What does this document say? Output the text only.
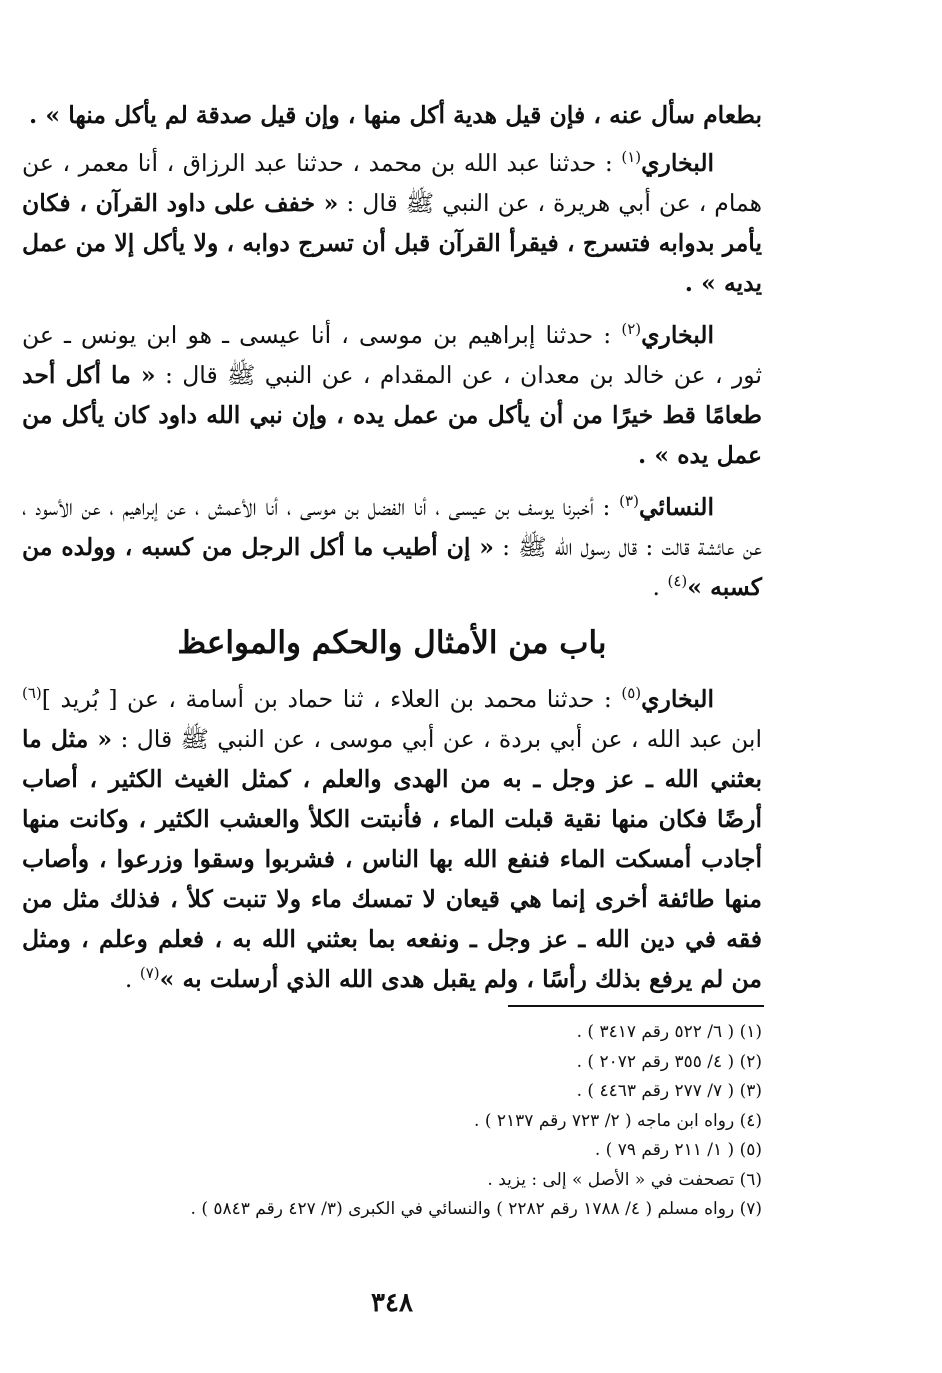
بطعام سأل عنه ، فإن قيل هدية أكل منها ، وإن قيل صدقة لم يأكل منها » .

البخاري$^{(١)}$ : حدثنا عبد الله بن محمد ، حدثنا عبد الرزاق ، أنا معمر ، عن همام ، عن أبي هريرة ، عن النبي ﷺ قال : « خفف على داود القرآن ، فكان يأمر بدوابه فتسرج ، فيقرأ القرآن قبل أن تسرج دوابه ، ولا يأكل إلا من عمل يديه » .

البخاري$^{(٢)}$ : حدثنا إبراهيم بن موسى ، أنا عيسى ـ هو ابن يونس ـ عن ثور ، عن خالد بن معدان ، عن المقدام ، عن النبي ﷺ قال : « ما أكل أحد طعامًا قط خيرًا من أن يأكل من عمل يده ، وإن نبي الله داود كان يأكل من عمل يده » .

النسائي$^{(٣)}$ : أخبرنا يوسف بن عيسى ، أنا الفضل بن موسى ، أنا الأعمش ، عن إبراهيم ، عن الأسود ، عن عائشة قالت : قال رسول الله ﷺ : « إن أطيب ما أكل الرجل من كسبه ، وولده من كسبه »$^{(٤)}$ .

باب من الأمثال والحكم والمواعظ

البخاري$^{(٥)}$ : حدثنا محمد بن العلاء ، ثنا حماد بن أسامة ، عن [ بُريد ]$^{(٦)}$ ابن عبد الله ، عن أبي بردة ، عن أبي موسى ، عن النبي ﷺ قال : « مثل ما بعثني الله ـ عز وجل ـ به من الهدى والعلم ، كمثل الغيث الكثير ، أصاب أرضًا فكان منها نقية قبلت الماء ، فأنبتت الكلأ والعشب الكثير ، وكانت منها أجادب أمسكت الماء فنفع الله بها الناس ، فشربوا وسقوا وزرعوا ، وأصاب منها طائفة أخرى إنما هي قيعان لا تمسك ماء ولا تنبت كلأ ، فذلك مثل من فقه في دين الله ـ عز وجل ـ ونفعه بما بعثني الله به ، فعلم وعلم ، ومثل من لم يرفع بذلك رأسًا ، ولم يقبل هدى الله الذي أرسلت به »$^{(٧)}$ .

(١) ( ٦/ ٥٢٢ رقم ٣٤١٧ ) .
(٢) ( ٤/ ٣٥٥ رقم ٢٠٧٢ ) .
(٣) ( ٧/ ٢٧٧ رقم ٤٤٦٣ ) .
(٤) رواه ابن ماجه ( ٢/ ٧٢٣ رقم ٢١٣٧ ) .
(٥) ( ١/ ٢١١ رقم ٧٩ ) .
(٦) تصحفت في « الأصل » إلى : يزيد .
(٧) رواه مسلم ( ٤/ ١٧٨٨ رقم ٢٢٨٢ ) والنسائي في الكبرى (٣/ ٤٢٧ رقم ٥٨٤٣ ) .
٣٤٨
